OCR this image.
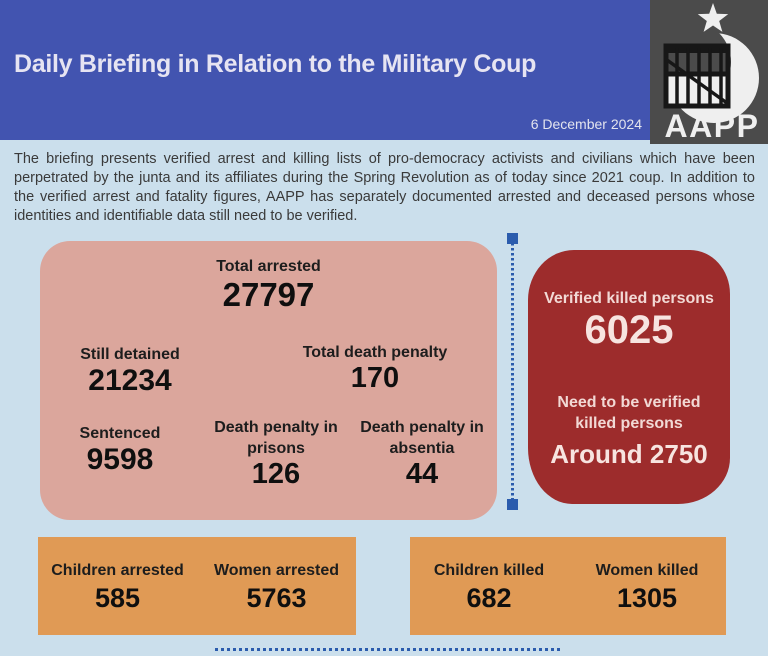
Daily Briefing in Relation to the Military Coup
6 December 2024 AAPP

The briefing presents verified arrest and killing lists of pro-democracy activists and civilians which have been perpetrated by the junta and its affiliates during the Spring Revolution as of today since 2021 coup. In addition to the verified arrest and fatality figures, AAPP has separately documented arrested and deceased persons whose identities and identifiable data still need to be verified.

Total arrested
27797
Still detained
21234
Total death penalty
170
Sentenced
9598
Death penalty in prisons
126
Death penalty in absentia
44
Verified killed persons
6025
Need to be verified killed persons
Around 2750
Children arrested
585
Women arrested
5763
Children killed
682
Women killed
1305
